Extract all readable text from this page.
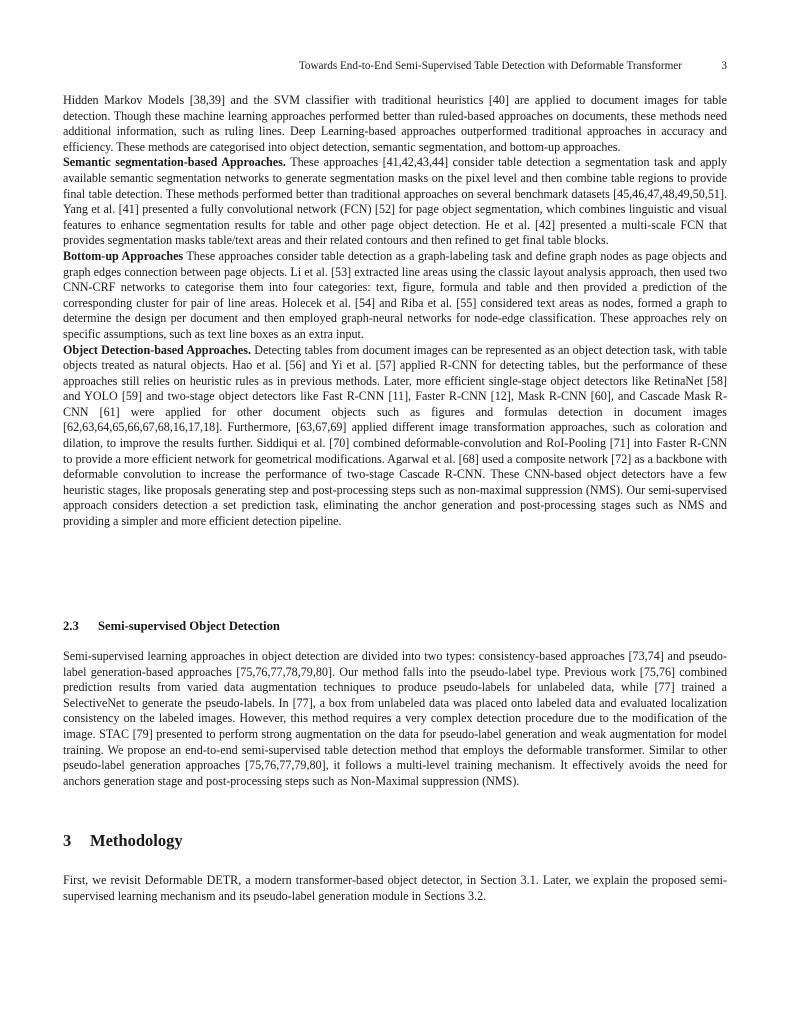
Towards End-to-End Semi-Supervised Table Detection with Deformable Transformer	3

Hidden Markov Models [38,39] and the SVM classifier with traditional heuristics [40] are applied to document images for table detection. Though these machine learning approaches performed better than ruled-based approaches on documents, these methods need additional information, such as ruling lines. Deep Learning-based approaches outperformed traditional approaches in accuracy and efficiency. These methods are categorised into object detection, semantic segmentation, and bottom-up approaches.

Semantic segmentation-based Approaches. These approaches [41,42,43,44] consider table detection a segmentation task and apply available semantic segmentation networks to generate segmentation masks on the pixel level and then combine table regions to provide final table detection. These methods performed better than traditional approaches on several benchmark datasets [45,46,47,48,49,50,51]. Yang et al. [41] presented a fully convolutional network (FCN) [52] for page object segmentation, which combines linguistic and visual features to enhance segmentation results for table and other page object detection. He et al. [42] presented a multi-scale FCN that provides segmentation masks table/text areas and their related contours and then refined to get final table blocks.

Bottom-up Approaches These approaches consider table detection as a graph-labeling task and define graph nodes as page objects and graph edges connection between page objects. Li et al. [53] extracted line areas using the classic layout analysis approach, then used two CNN-CRF networks to categorise them into four categories: text, figure, formula and table and then provided a prediction of the corresponding cluster for pair of line areas. Holecek et al. [54] and Riba et al. [55] considered text areas as nodes, formed a graph to determine the design per document and then employed graph-neural networks for node-edge classification. These approaches rely on specific assumptions, such as text line boxes as an extra input.

Object Detection-based Approaches. Detecting tables from document images can be represented as an object detection task, with table objects treated as natural objects. Hao et al. [56] and Yi et al. [57] applied R-CNN for detecting tables, but the performance of these approaches still relies on heuristic rules as in previous methods. Later, more efficient single-stage object detectors like RetinaNet [58] and YOLO [59] and two-stage object detectors like Fast R-CNN [11], Faster R-CNN [12], Mask R-CNN [60], and Cascade Mask R-CNN [61] were applied for other document objects such as figures and formulas detection in document images [62,63,64,65,66,67,68,16,17,18]. Furthermore, [63,67,69] applied different image transformation approaches, such as coloration and dilation, to improve the results further. Siddiqui et al. [70] combined deformable-convolution and RoI-Pooling [71] into Faster R-CNN to provide a more efficient network for geometrical modifications. Agarwal et al. [68] used a composite network [72] as a backbone with deformable convolution to increase the performance of two-stage Cascade R-CNN. These CNN-based object detectors have a few heuristic stages, like proposals generating step and post-processing steps such as non-maximal suppression (NMS). Our semi-supervised approach considers detection a set prediction task, eliminating the anchor generation and post-processing stages such as NMS and providing a simpler and more efficient detection pipeline.

2.3 Semi-supervised Object Detection

Semi-supervised learning approaches in object detection are divided into two types: consistency-based approaches [73,74] and pseudo-label generation-based approaches [75,76,77,78,79,80]. Our method falls into the pseudo-label type. Previous work [75,76] combined prediction results from varied data augmentation techniques to produce pseudo-labels for unlabeled data, while [77] trained a SelectiveNet to generate the pseudo-labels. In [77], a box from unlabeled data was placed onto labeled data and evaluated localization consistency on the labeled images. However, this method requires a very complex detection procedure due to the modification of the image. STAC [79] presented to perform strong augmentation on the data for pseudo-label generation and weak augmentation for model training. We propose an end-to-end semi-supervised table detection method that employs the deformable transformer. Similar to other pseudo-label generation approaches [75,76,77,79,80], it follows a multi-level training mechanism. It effectively avoids the need for anchors generation stage and post-processing steps such as Non-Maximal suppression (NMS).

3 Methodology

First, we revisit Deformable DETR, a modern transformer-based object detector, in Section 3.1. Later, we explain the proposed semi-supervised learning mechanism and its pseudo-label generation module in Sections 3.2.
